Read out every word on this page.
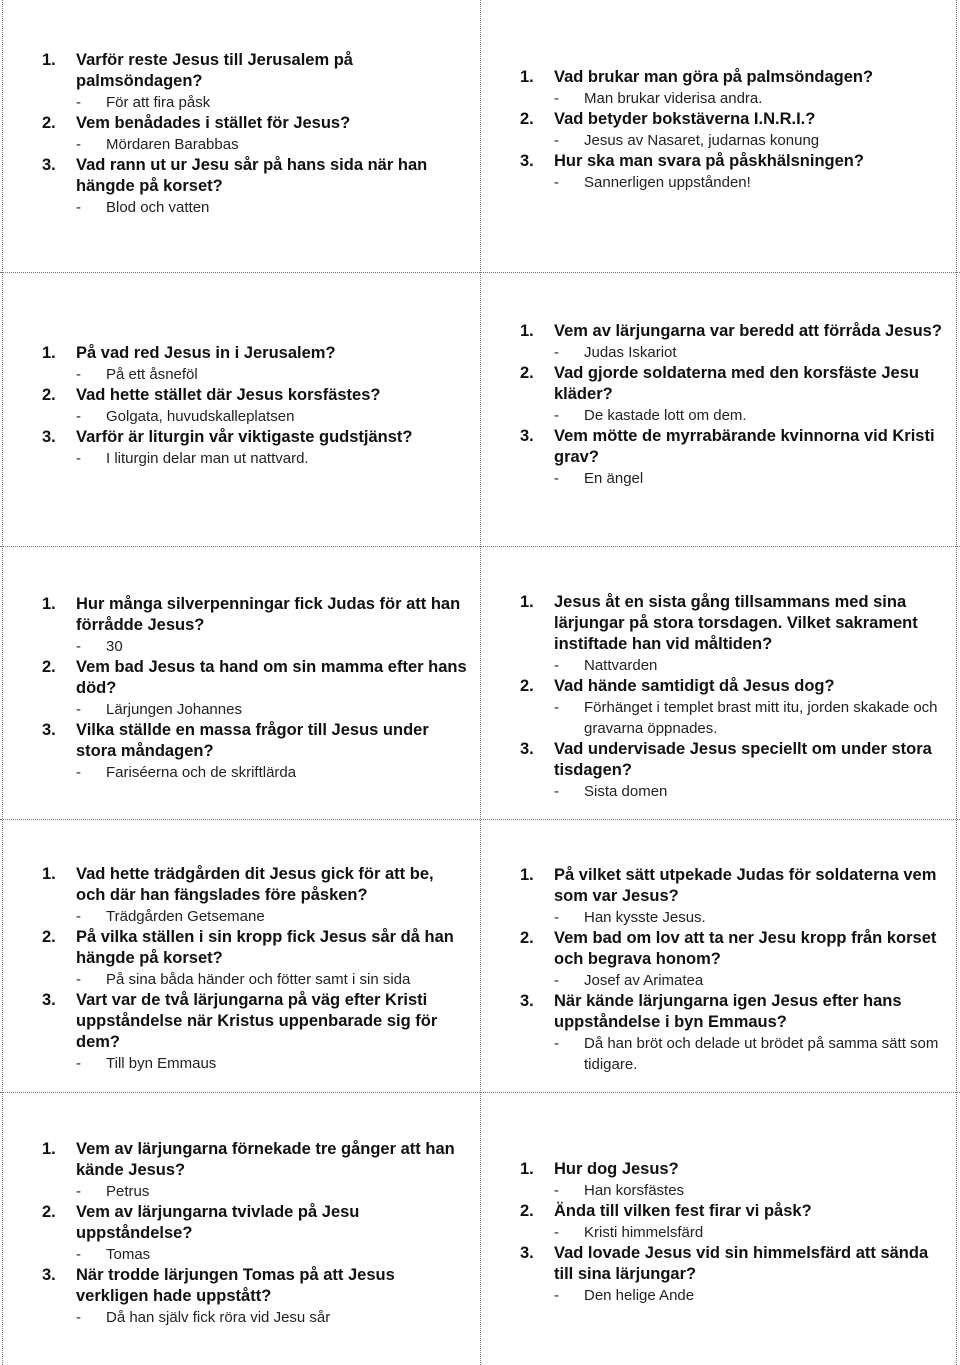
1.	Varför reste Jesus till Jerusalem på palmsöndagen?
-	För att fira påsk
2.	Vem benådades i stället för Jesus?
-	Mördaren Barabbas
3.	Vad rann ut ur Jesu sår på hans sida när han hängde på korset?
-	Blod och vatten
1.	Vad brukar man göra på palmsöndagen?
-	Man brukar viderisa andra.
2.	Vad betyder bokstäverna I.N.R.I.?
-	Jesus av Nasaret, judarnas konung
3.	Hur ska man svara på påskhälsningen?
-	Sannerligen uppstånden!
1.	På vad red Jesus in i Jerusalem?
-	På ett åsneföl
2.	Vad hette stället där Jesus korsfästes?
-	Golgata, huvudskalleplatsen
3.	Varför är liturgin vår viktigaste gudstjänst?
-	I liturgin delar man ut nattvard.
1.	Vem av lärjungarna var beredd att förråda Jesus?
-	Judas Iskariot
2.	Vad gjorde soldaterna med den korsfäste Jesu kläder?
-	De kastade lott om dem.
3.	Vem mötte de myrrabärande kvinnorna vid Kristi grav?
-	En ängel
1.	Hur många silverpenningar fick Judas för att han förrådde Jesus?
-	30
2.	Vem bad Jesus ta hand om sin mamma efter hans död?
-	Lärjungen Johannes
3.	Vilka ställde en massa frågor till Jesus under stora måndagen?
-	Fariséerna och de skriftlärda
1.	Jesus åt en sista gång tillsammans med sina lärjungar på stora torsdagen. Vilket sakrament instiftade han vid måltiden?
-	Nattvarden
2.	Vad hände samtidigt då Jesus dog?
-	Förhänget i templet brast mitt itu, jorden skakade och gravarna öppnades.
3.	Vad undervisade Jesus speciellt om under stora tisdagen?
-	Sista domen
1.	Vad hette trädgården dit Jesus gick för att be, och där han fängslades före påsken?
-	Trädgården Getsemane
2.	På vilka ställen i sin kropp fick Jesus sår då han hängde på korset?
-	På sina båda händer och fötter samt i sin sida
3.	Vart var de två lärjungarna på väg efter Kristi uppståndelse när Kristus uppenbarade sig för dem?
-	Till byn Emmaus
1.	På vilket sätt utpekade Judas för soldaterna vem som var Jesus?
-	Han kysste Jesus.
2.	Vem bad om lov att ta ner Jesu kropp från korset och begrava honom?
-	Josef av Arimatea
3.	När kände lärjungarna igen Jesus efter hans uppståndelse i byn Emmaus?
-	Då han bröt och delade ut brödet på samma sätt som tidigare.
1.	Vem av lärjungarna förnekade tre gånger att han kände Jesus?
-	Petrus
2.	Vem av lärjungarna tvivlade på Jesu uppståndelse?
-	Tomas
3.	När trodde lärjungen Tomas på att Jesus verkligen hade uppstått?
-	Då han själv fick röra vid Jesu sår
1.	Hur dog Jesus?
-	Han korsfästes
2.	Ända till vilken fest firar vi påsk?
-	Kristi himmelsfärd
3.	Vad lovade Jesus vid sin himmelsfärd att sända till sina lärjungar?
-	Den helige Ande
